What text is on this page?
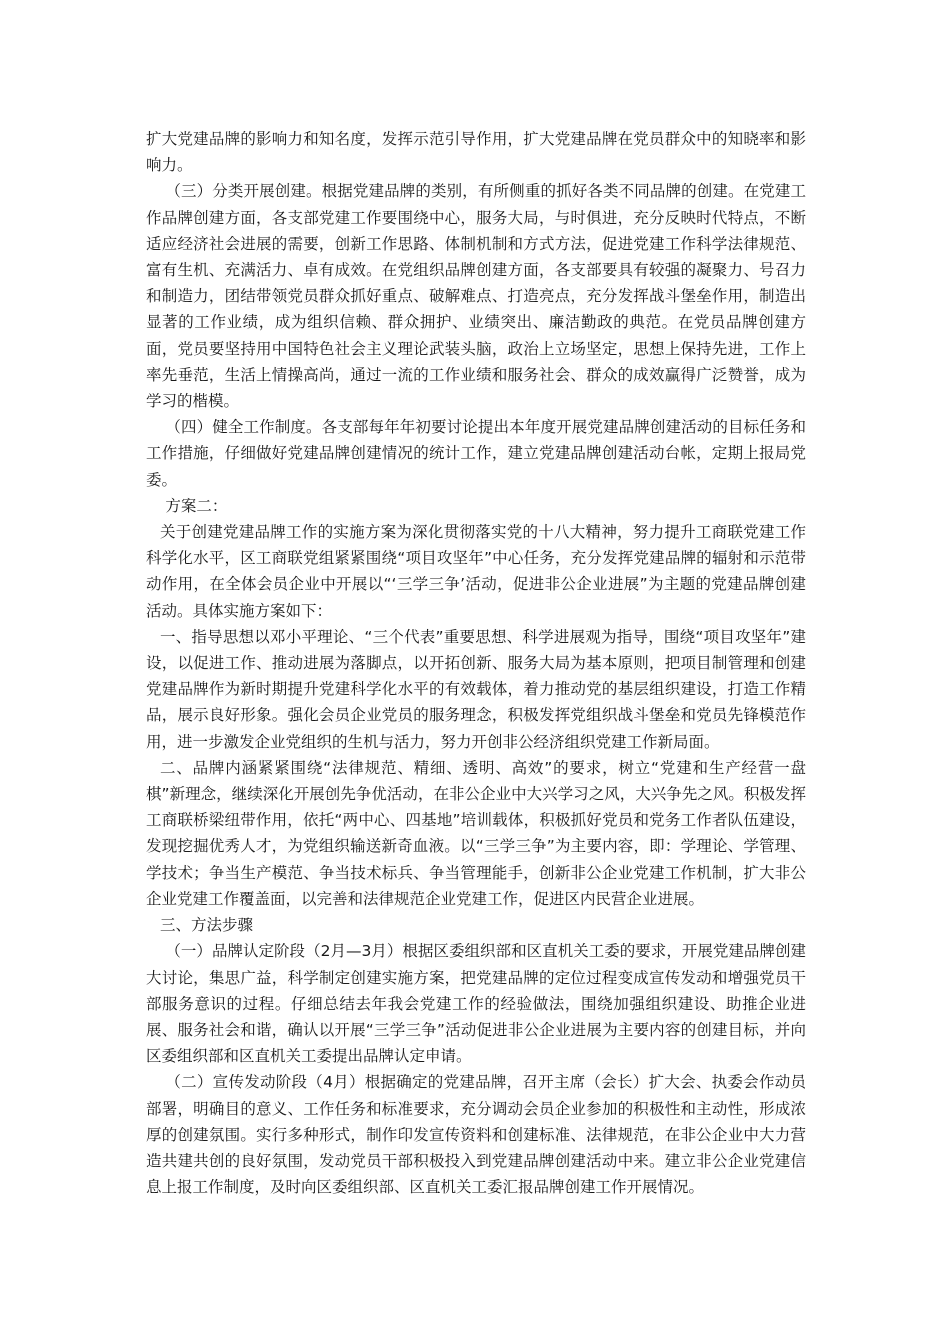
扩大党建品牌的影响力和知名度，发挥示范引导作用，扩大党建品牌在党员群众中的知晓率和影响力。

（三）分类开展创建。根据党建品牌的类别，有所侧重的抓好各类不同品牌的创建。在党建工作品牌创建方面，各支部党建工作要围绕中心，服务大局，与时俱进，充分反映时代特点，不断适应经济社会进展的需要，创新工作思路、体制机制和方式方法，促进党建工作科学法律规范、富有生机、充满活力、卓有成效。在党组织品牌创建方面，各支部要具有较强的凝聚力、号召力和制造力，团结带领党员群众抓好重点、破解难点、打造亮点，充分发挥战斗堡垒作用，制造出显著的工作业绩，成为组织信赖、群众拥护、业绩突出、廉洁勤政的典范。在党员品牌创建方面，党员要坚持用中国特色社会主义理论武装头脑，政治上立场坚定，思想上保持先进，工作上率先垂范，生活上情操高尚，通过一流的工作业绩和服务社会、群众的成效赢得广泛赞誉，成为学习的楷模。

（四）健全工作制度。各支部每年年初要讨论提出本年度开展党建品牌创建活动的目标任务和工作措施，仔细做好党建品牌创建情况的统计工作，建立党建品牌创建活动台帐，定期上报局党委。

方案二：

关于创建党建品牌工作的实施方案为深化贯彻落实党的十八大精神，努力提升工商联党建工作科学化水平，区工商联党组紧紧围绕“项目攻坚年”中心任务，充分发挥党建品牌的辐射和示范带动作用，在全体会员企业中开展以“‘三学三争’活动，促进非公企业进展”为主题的党建品牌创建活动。具体实施方案如下：

一、指导思想以邓小平理论、“三个代表”重要思想、科学进展观为指导，围绕“项目攻坚年”建设，以促进工作、推动进展为落脚点，以开拓创新、服务大局为基本原则，把项目制管理和创建党建品牌作为新时期提升党建科学化水平的有效载体，着力推动党的基层组织建设，打造工作精品，展示良好形象。强化会员企业党员的服务理念，积极发挥党组织战斗堡垒和党员先锋模范作用，进一步激发企业党组织的生机与活力，努力开创非公经济组织党建工作新局面。

二、品牌内涵紧紧围绕“法律规范、精细、透明、高效”的要求，树立“党建和生产经营一盘棋”新理念，继续深化开展创先争优活动，在非公企业中大兴学习之风，大兴争先之风。积极发挥工商联桥梁纽带作用，依托“两中心、四基地”培训载体，积极抓好党员和党务工作者队伍建设，发现挖掘优秀人才，为党组织输送新奇血液。以“三学三争”为主要内容，即：学理论、学管理、学技术；争当生产模范、争当技术标兵、争当管理能手，创新非公企业党建工作机制，扩大非公企业党建工作覆盖面，以完善和法律规范企业党建工作，促进区内民营企业进展。

三、方法步骤

（一）品牌认定阶段（2月—3月）根据区委组织部和区直机关工委的要求，开展党建品牌创建大讨论，集思广益，科学制定创建实施方案，把党建品牌的定位过程变成宣传发动和增强党员干部服务意识的过程。仔细总结去年我会党建工作的经验做法，围绕加强组织建设、助推企业进展、服务社会和谐，确认以开展“三学三争”活动促进非公企业进展为主要内容的创建目标，并向区委组织部和区直机关工委提出品牌认定申请。

（二）宣传发动阶段（4月）根据确定的党建品牌，召开主席（会长）扩大会、执委会作动员部署，明确目的意义、工作任务和标准要求，充分调动会员企业参加的积极性和主动性，形成浓厚的创建氛围。实行多种形式，制作印发宣传资料和创建标准、法律规范，在非公企业中大力营造共建共创的良好氛围，发动党员干部积极投入到党建品牌创建活动中来。建立非公企业党建信息上报工作制度，及时向区委组织部、区直机关工委汇报品牌创建工作开展情况。
